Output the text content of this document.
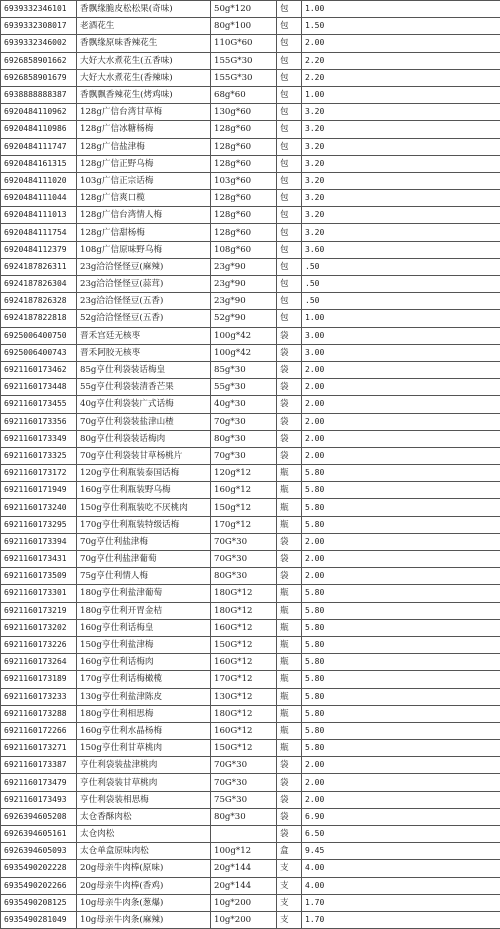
6939332346101	香飘缘脆皮松松果(奇味)	50g*120	包	1.00
6939332308017	老酒花生	80g*100	包	1.50
6939332346002	香飘缘原味香辣花生	110G*60	包	2.00
6926858901662	大好大水煮花生(五香味)	155G*30	包	2.20
6926858901679	大好大水煮花生(香辣味)	155G*30	包	2.20
6938888888387	香飘飘香辣花生(烤鸡味)	68g*60	包	1.00
6920484110962	128g广信台湾甘草梅	130g*60	包	3.20
6920484110986	128g广信冰糖杨梅	128g*60	包	3.20
6920484111747	128g广信盐津梅	128g*60	包	3.20
6920484161315	128g广信正野乌梅	128g*60	包	3.20
6920484111020	103g广信正宗话梅	103g*60	包	3.20
6920484111044	128g广信爽口榄	128g*60	包	3.20
6920484111013	128g广信台湾情人梅	128g*60	包	3.20
6920484111754	128g广信甜杨梅	128g*60	包	3.20
6920484112379	108g广信原味野乌梅	108g*60	包	3.60
6924187826311	23g洽洽怪怪豆(麻辣)	23g*90	包	.50
6924187826304	23g洽洽怪怪豆(蒜茸)	23g*90	包	.50
6924187826328	23g洽洽怪怪豆(五香)	23g*90	包	.50
6924187822818	52g洽洽怪怪豆(五香)	52g*90	包	1.00
6925006400750	晋禾宫廷无核枣	100g*42	袋	3.00
6925006400743	晋禾阿胶无核枣	100g*42	袋	3.00
6921160173462	85g亨仕利袋装话梅皇	85g*30	袋	2.00
6921160173448	55g亨仕利袋装清香芒果	55g*30	袋	2.00
6921160173455	40g亨仕利袋装广式话梅	40g*30	袋	2.00
6921160173356	70g亨仕利袋装盐津山楂	70g*30	袋	2.00
6921160173349	80g亨仕利袋装话梅肉	80g*30	袋	2.00
6921160173325	70g亨仕利袋装甘草杨桃片	70g*30	袋	2.00
6921160173172	120g亨仕利瓶装泰国话梅	120g*12	瓶	5.80
6921160171949	160g亨仕利瓶装野乌梅	160g*12	瓶	5.80
6921160173240	150g亨仕利瓶装吃不厌桃肉	150g*12	瓶	5.80
6921160173295	170g亨仕利瓶装特级话梅	170g*12	瓶	5.80
6921160173394	70g亨仕利盐津梅	70G*30	袋	2.00
6921160173431	70g亨仕利盐津葡萄	70G*30	袋	2.00
6921160173509	75g亨仕利情人梅	80G*30	袋	2.00
6921160173301	180g亨仕利盐津葡萄	180G*12	瓶	5.80
6921160173219	180g亨仕利开胃金桔	180G*12	瓶	5.80
6921160173202	160g亨仕利话梅皇	160G*12	瓶	5.80
6921160173226	150g亨仕利盐津梅	150G*12	瓶	5.80
6921160173264	160g亨仕利话梅肉	160G*12	瓶	5.80
6921160173189	170g亨仕利话梅橄榄	170G*12	瓶	5.80
6921160173233	130g亨仕利盐津陈皮	130G*12	瓶	5.80
6921160173288	180g亨仕利相思梅	180G*12	瓶	5.80
6921160172266	160g亨仕利水晶杨梅	160G*12	瓶	5.80
6921160173271	150g亨仕利甘草桃肉	150G*12	瓶	5.80
6921160173387	亨仕利袋装盐津桃肉	70G*30	袋	2.00
6921160173479	亨仕利袋装甘草桃肉	70G*30	袋	2.00
6921160173493	亨仕利袋装相思梅	75G*30	袋	2.00
6926394605208	太仓香酥肉松	80g*30	袋	6.90
6926394605161	太仓肉松		袋	6.50
6926394605093	太仓单盒原味肉松	100g*12	盒	9.45
6935490202228	20g母亲牛肉棒(原味)	20g*144	支	4.00
6935490202266	20g母亲牛肉棒(香鸡)	20g*144	支	4.00
6935490208125	10g母亲牛肉条(葱爆)	10g*200	支	1.70
6935490281049	10g母亲牛肉条(麻辣)	10g*200	支	1.70
